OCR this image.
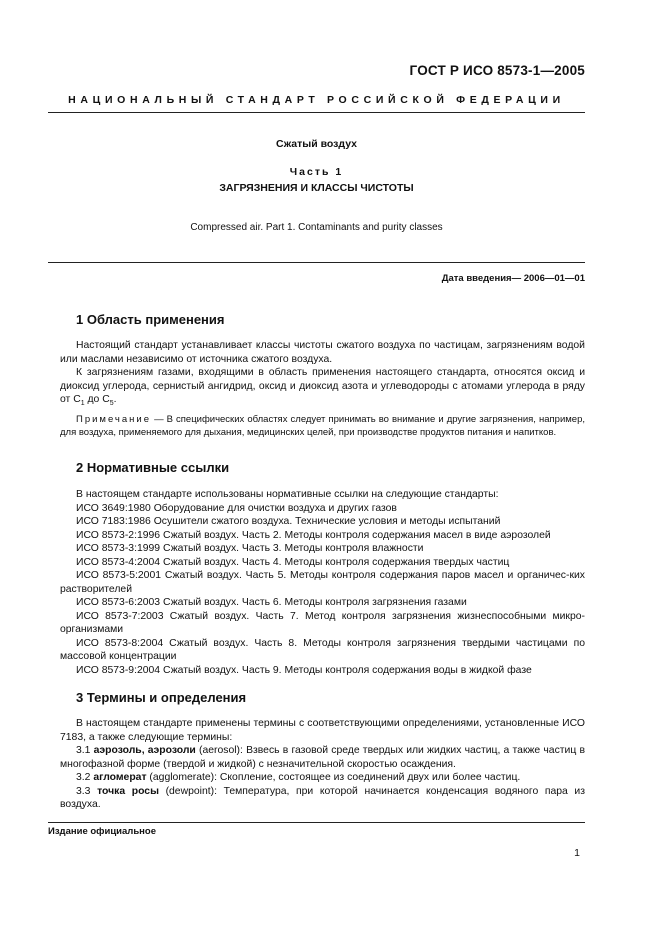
ГОСТ Р ИСО 8573-1—2005
НАЦИОНАЛЬНЫЙ СТАНДАРТ РОССИЙСКОЙ ФЕДЕРАЦИИ
Сжатый воздух
Часть 1
ЗАГРЯЗНЕНИЯ И КЛАССЫ ЧИСТОТЫ
Compressed air. Part 1. Contaminants and purity classes
Дата введения— 2006—01—01
1 Область применения

Настоящий стандарт устанавливает классы чистоты сжатого воздуха по частицам, загрязнениям водой или маслами независимо от источника сжатого воздуха.

К загрязнениям газами, входящими в область применения настоящего стандарта, относятся оксид и диоксид углерода, сернистый ангидрид, оксид и диоксид азота и углеводороды с атомами углерода в ряду от $C_1$ до $C_5$.

Примечание — В специфических областях следует принимать во внимание и другие загрязнения, например, для воздуха, применяемого для дыхания, медицинских целей, при производстве продуктов питания и напитков.

2 Нормативные ссылки

В настоящем стандарте использованы нормативные ссылки на следующие стандарты:

ИСО 3649:1980 Оборудование для очистки воздуха и других газов

ИСО 7183:1986 Осушители сжатого воздуха. Технические условия и методы испытаний

ИСО 8573-2:1996 Сжатый воздух. Часть 2. Методы контроля содержания масел в виде аэрозолей

ИСО 8573-3:1999 Сжатый воздух. Часть 3. Методы контроля влажности

ИСО 8573-4:2004 Сжатый воздух. Часть 4. Методы контроля содержания твердых частиц

ИСО 8573-5:2001 Сжатый воздух. Часть 5. Методы контроля содержания паров масел и органичес-ких растворителей

ИСО 8573-6:2003 Сжатый воздух. Часть 6. Методы контроля загрязнения газами

ИСО 8573-7:2003 Сжатый воздух. Часть 7. Метод контроля загрязнения жизнеспособными микро-организмами

ИСО 8573-8:2004 Сжатый воздух. Часть 8. Методы контроля загрязнения твердыми частицами по массовой концентрации

ИСО 8573-9:2004 Сжатый воздух. Часть 9. Методы контроля содержания воды в жидкой фазе

3 Термины и определения

В настоящем стандарте применены термины с соответствующими определениями, установленные ИСО 7183, а также следующие термины:

3.1 аэрозоль, аэрозоли (aerosol): Взвесь в газовой среде твердых или жидких частиц, а также частиц в многофазной форме (твердой и жидкой) с незначительной скоростью осаждения.

3.2 агломерат (agglomerate): Скопление, состоящее из соединений двух или более частиц.

3.3 точка росы (dewpoint): Температура, при которой начинается конденсация водяного пара из воздуха.

Издание официальное
1
